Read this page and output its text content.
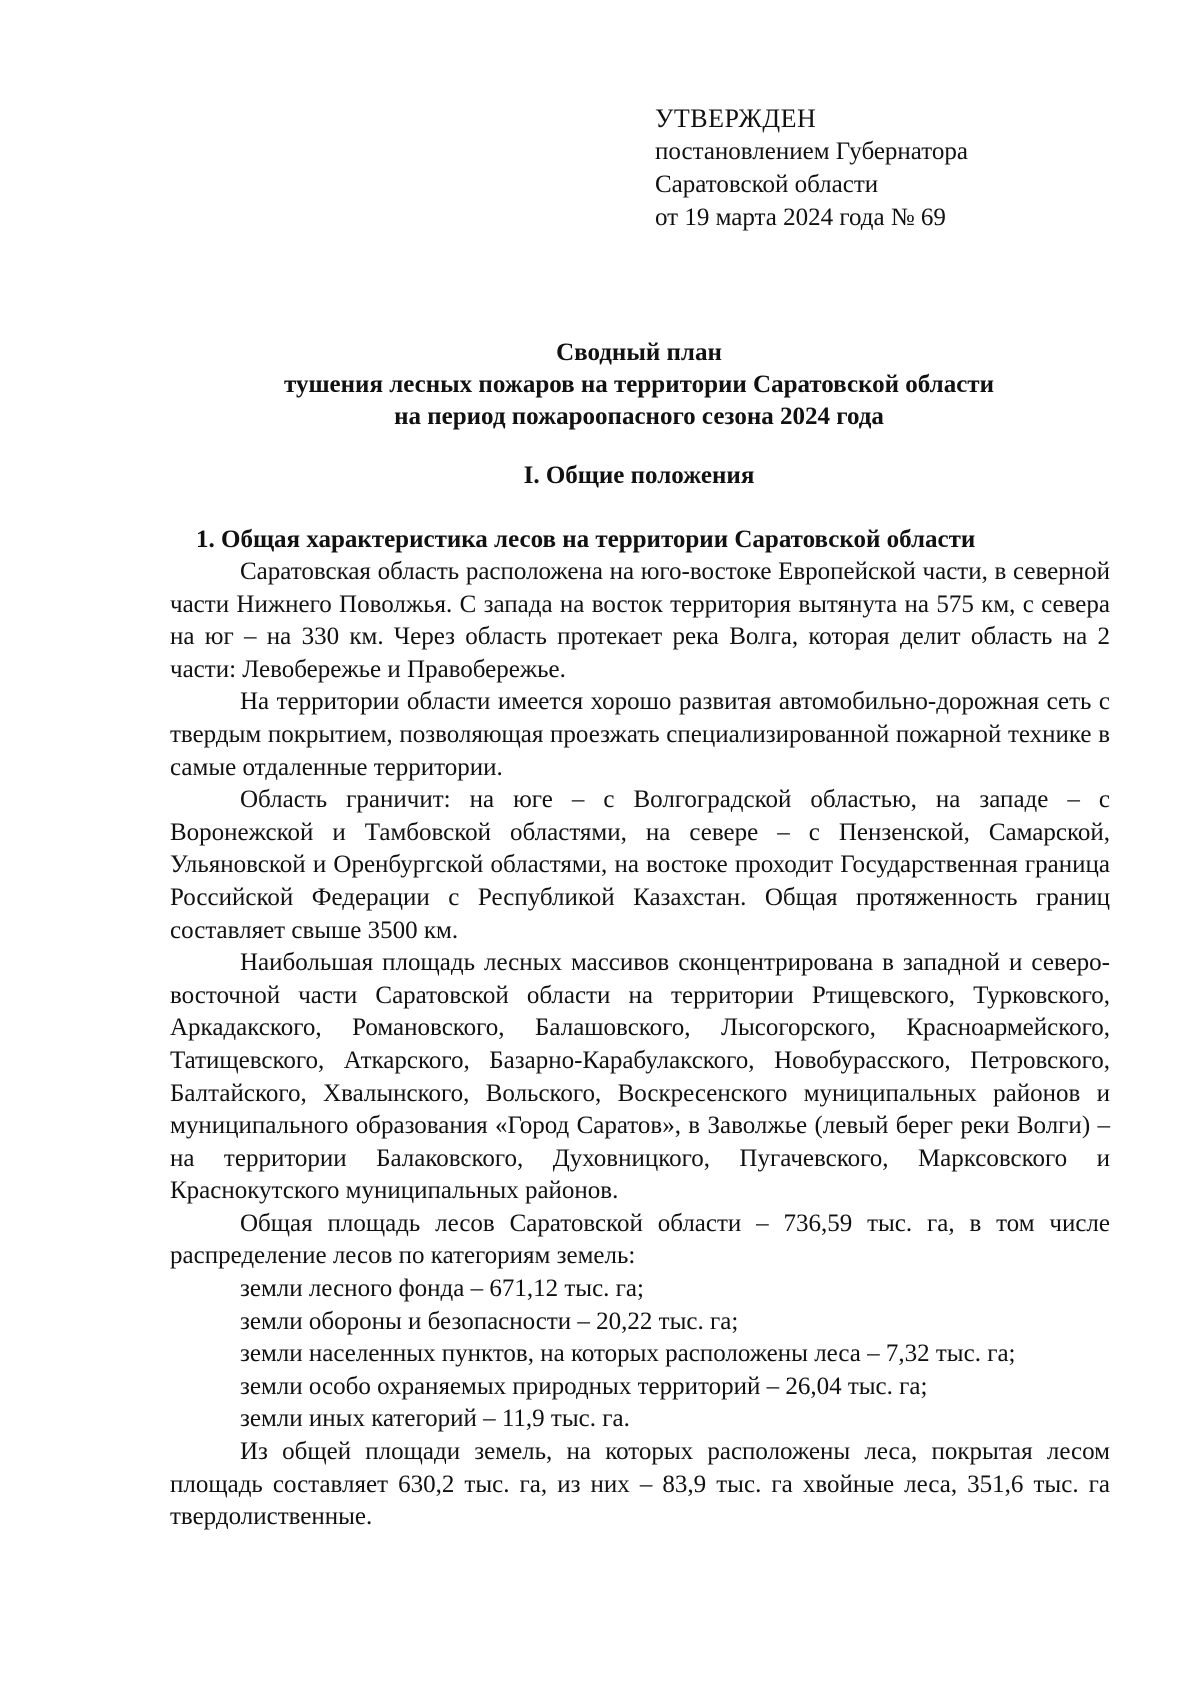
УТВЕРЖДЕН
постановлением Губернатора
Саратовской области
от 19 марта 2024 года № 69
Сводный план
тушения лесных пожаров на территории Саратовской области
на период пожароопасного сезона 2024 года
I. Общие положения
1. Общая характеристика лесов на территории Саратовской области

Саратовская область расположена на юго-востоке Европейской части, в северной части Нижнего Поволжья. С запада на восток территория вытянута на 575 км, с севера на юг – на 330 км. Через область протекает река Волга, которая делит область на 2 части: Левобережье и Правобережье.

На территории области имеется хорошо развитая автомобильно-дорожная сеть с твердым покрытием, позволяющая проезжать специализированной пожарной технике в самые отдаленные территории.

Область граничит: на юге – с Волгоградской областью, на западе – с Воронежской и Тамбовской областями, на севере – с Пензенской, Самарской, Ульяновской и Оренбургской областями, на востоке проходит Государственная граница Российской Федерации с Республикой Казахстан. Общая протяженность границ составляет свыше 3500 км.

Наибольшая площадь лесных массивов сконцентрирована в западной и северо-восточной части Саратовской области на территории Ртищевского, Турковского, Аркадакского, Романовского, Балашовского, Лысогорского, Красноармейского, Татищевского, Аткарского, Базарно-Карабулакского, Новобурасского, Петровского, Балтайского, Хвалынского, Вольского, Воскресенского муниципальных районов и муниципального образования «Город Саратов», в Заволжье (левый берег реки Волги) – на территории Балаковского, Духовницкого, Пугачевского, Марксовского и Краснокутского муниципальных районов.

Общая площадь лесов Саратовской области – 736,59 тыс. га, в том числе распределение лесов по категориям земель:

земли лесного фонда – 671,12 тыс. га;
земли обороны и безопасности – 20,22 тыс. га;
земли населенных пунктов, на которых расположены леса – 7,32 тыс. га;
земли особо охраняемых природных территорий – 26,04 тыс. га;
земли иных категорий – 11,9 тыс. га.

Из общей площади земель, на которых расположены леса, покрытая лесом площадь составляет 630,2 тыс. га, из них – 83,9 тыс. га хвойные леса, 351,6 тыс. га твердолиственные.
